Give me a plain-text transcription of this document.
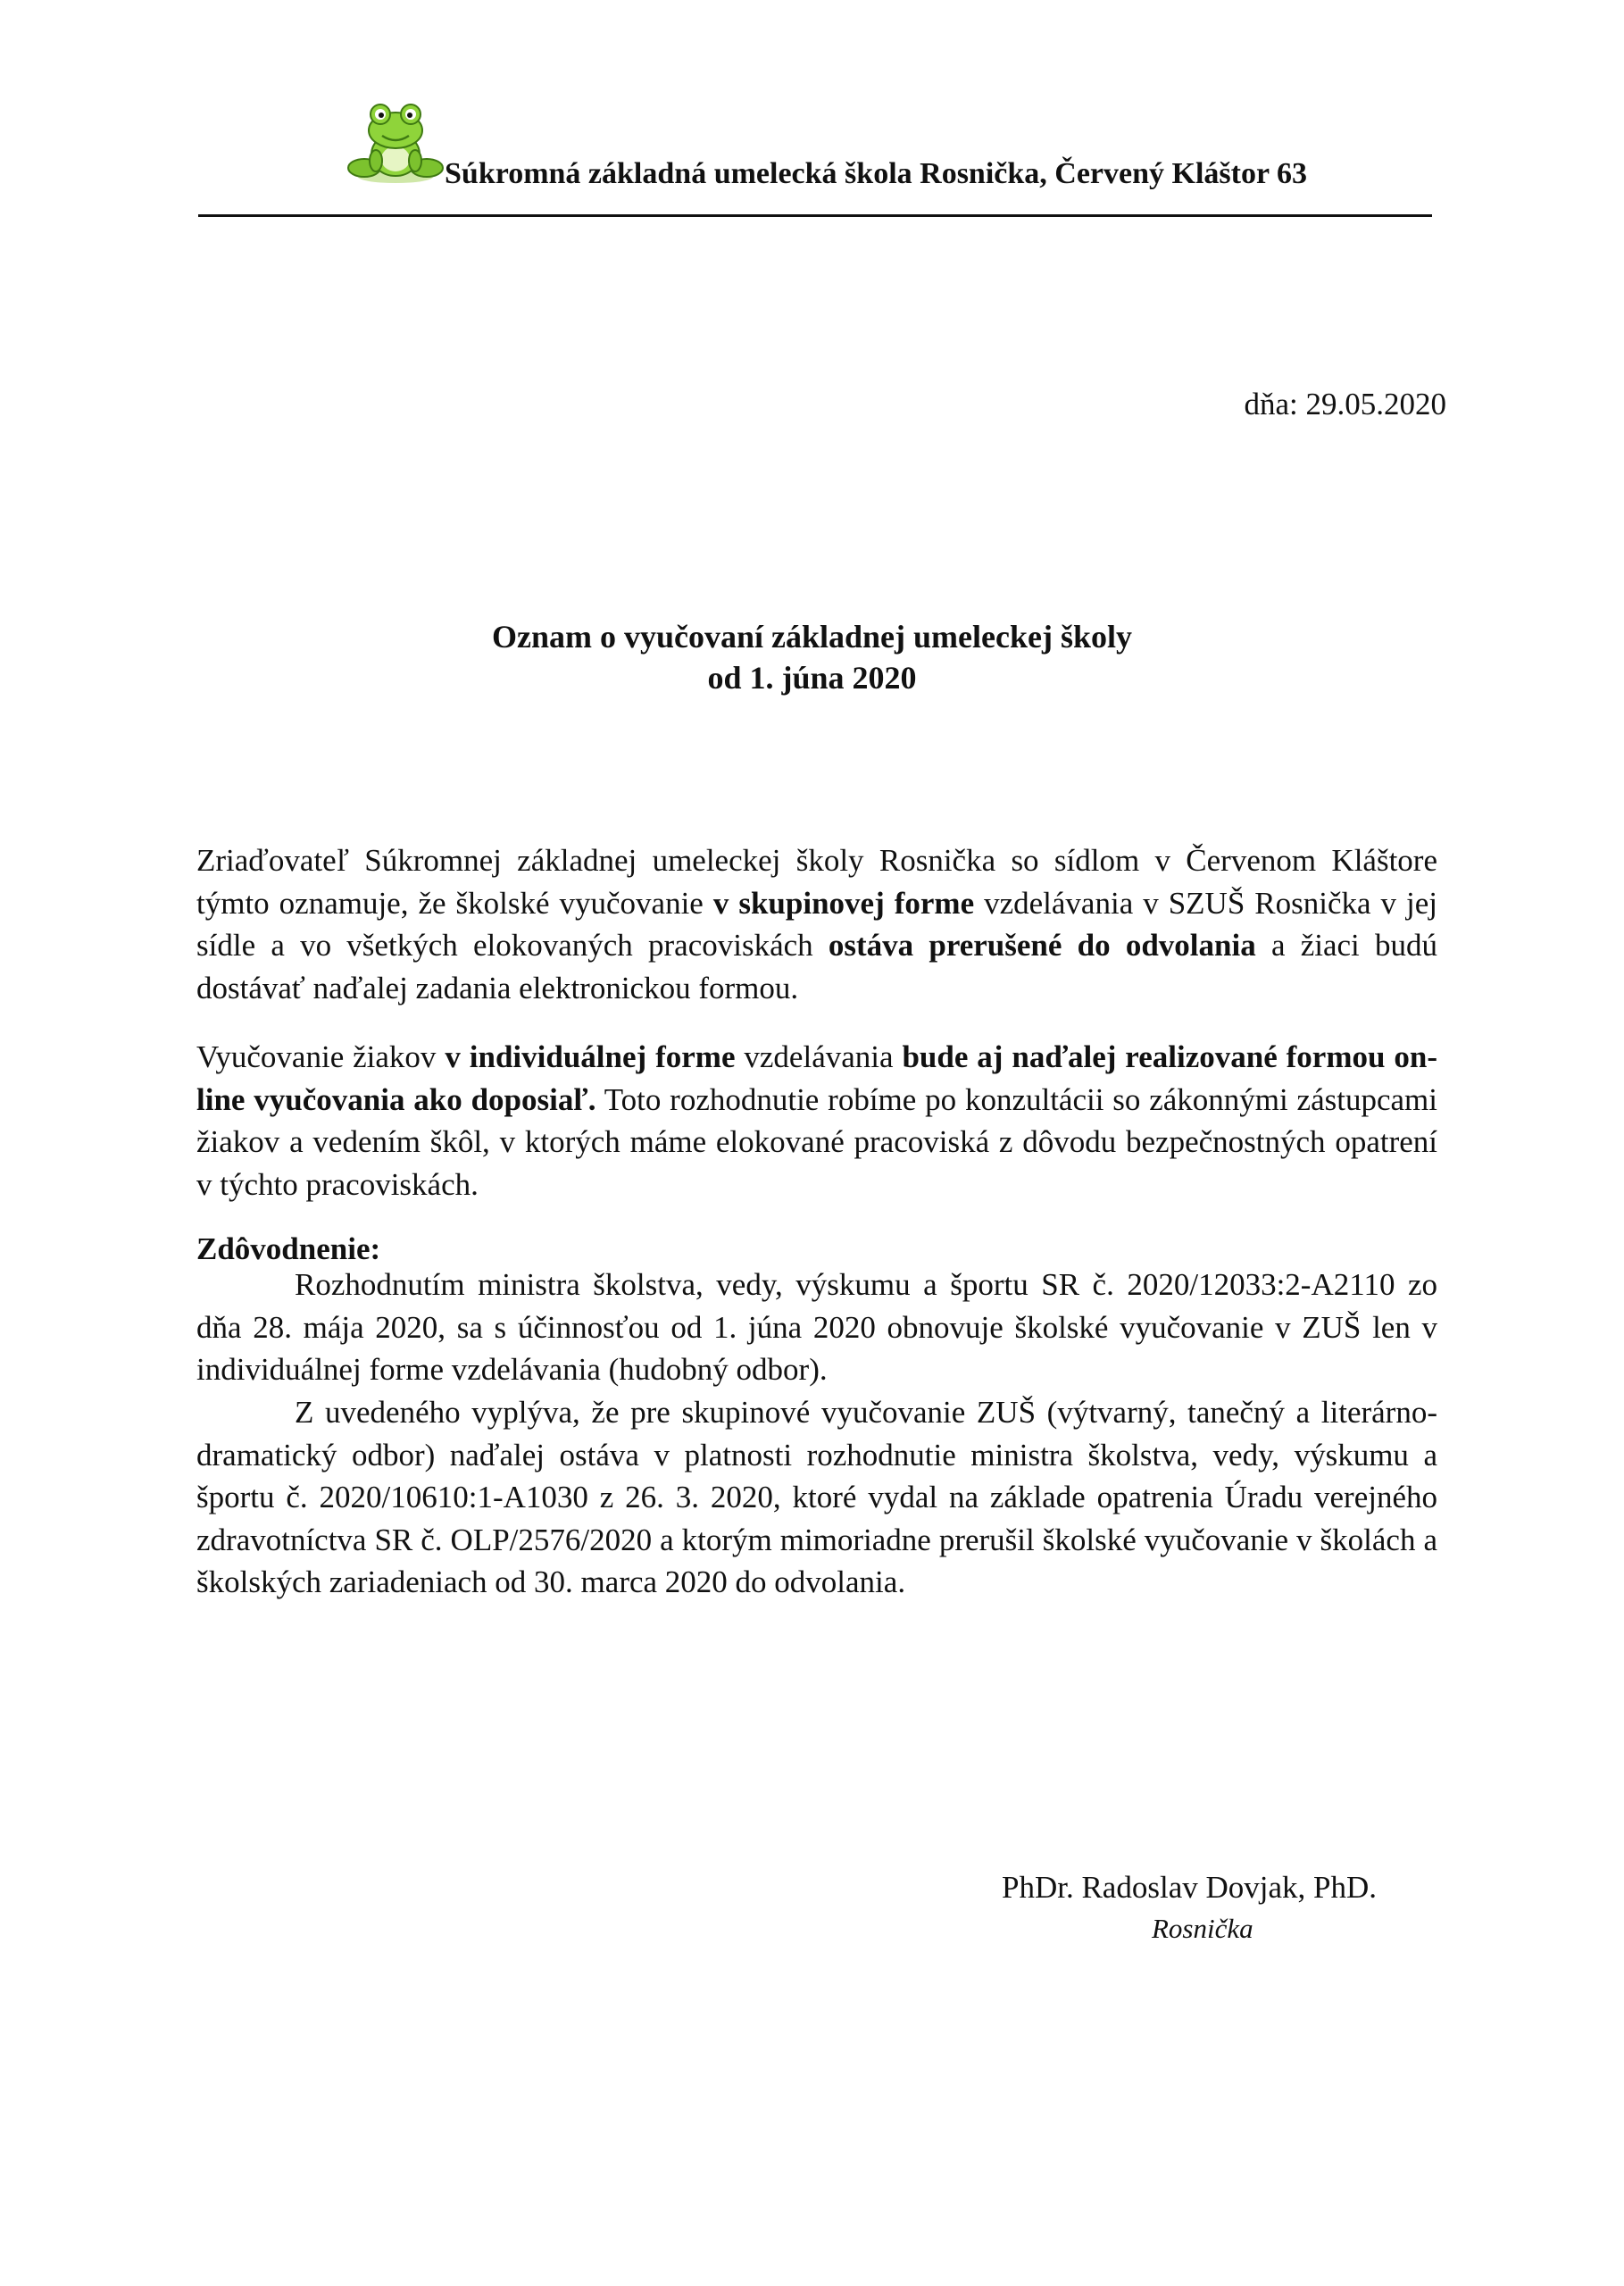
Súkromná základná umelecká škola Rosnička, Červený Kláštor 63
dňa: 29.05.2020
Oznam o vyučovaní základnej umeleckej školy
od 1. júna 2020
Zriaďovateľ Súkromnej základnej umeleckej školy Rosnička so sídlom v Červenom Kláštore týmto oznamuje, že školské vyučovanie v skupinovej forme vzdelávania v SZUŠ Rosnička v jej sídle a vo všetkých elokovaných pracoviskách ostáva prerušené do odvolania a žiaci budú dostávať naďalej zadania elektronickou formou.
Vyučovanie žiakov v individuálnej forme vzdelávania bude aj naďalej realizované formou on-line vyučovania ako doposiaľ. Toto rozhodnutie robíme po konzultácii so zákonnými zástupcami žiakov a vedením škôl, v ktorých máme elokované pracoviská z dôvodu bezpečnostných opatrení v týchto pracoviskách.
Zdôvodnenie:
Rozhodnutím ministra školstva, vedy, výskumu a športu SR č. 2020/12033:2-A2110 zo dňa 28. mája 2020, sa s účinnosťou od 1. júna 2020 obnovuje školské vyučovanie v ZUŠ len v individuálnej forme vzdelávania (hudobný odbor).
Z uvedeného vyplýva, že pre skupinové vyučovanie ZUŠ (výtvarný, tanečný a literárno-dramatický odbor) naďalej ostáva v platnosti rozhodnutie ministra školstva, vedy, výskumu a športu č. 2020/10610:1-A1030 z 26. 3. 2020, ktoré vydal na základe opatrenia Úradu verejného zdravotníctva SR č. OLP/2576/2020 a ktorým mimoriadne prerušil školské vyučovanie v školách a školských zariadeniach od 30. marca 2020 do odvolania.
PhDr. Radoslav Dovjak, PhD.
Rosnička
